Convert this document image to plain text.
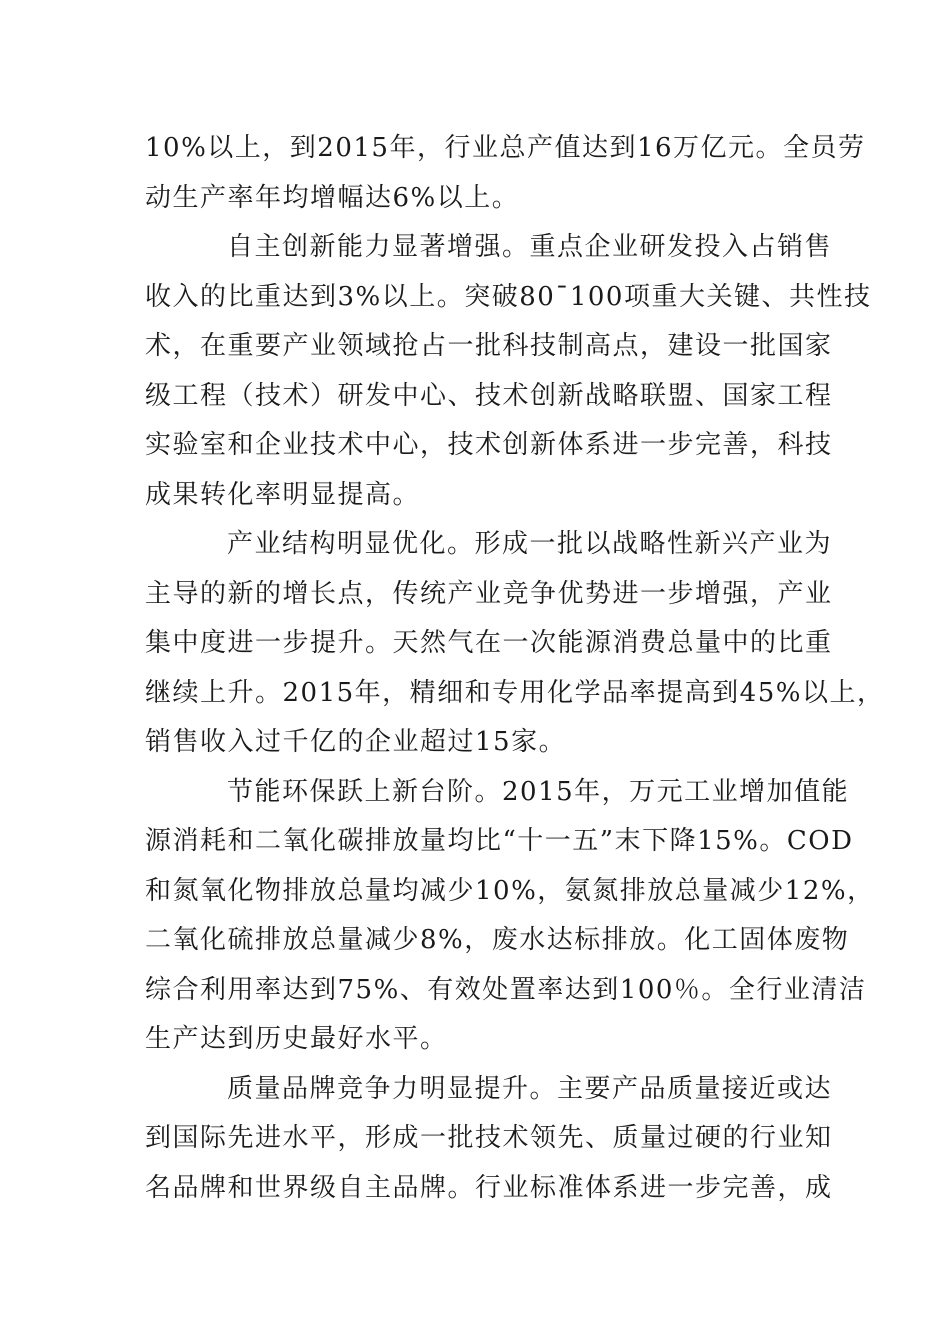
10%以上，到2015年，行业总产值达到16万亿元。全员劳
动生产率年均增幅达6%以上。
自主创新能力显著增强。重点企业研发投入占销售
收入的比重达到3%以上。突破80¯100项重大关键、共性技
术，在重要产业领域抢占一批科技制高点，建设一批国家
级工程（技术）研发中心、技术创新战略联盟、国家工程
实验室和企业技术中心，技术创新体系进一步完善，科技
成果转化率明显提高。
产业结构明显优化。形成一批以战略性新兴产业为
主导的新的增长点，传统产业竞争优势进一步增强，产业
集中度进一步提升。天然气在一次能源消费总量中的比重
继续上升。2015年，精细和专用化学品率提高到45%以上，
销售收入过千亿的企业超过15家。
节能环保跃上新台阶。2015年，万元工业增加值能
源消耗和二氧化碳排放量均比“十一五”末下降15%。COD
和氮氧化物排放总量均减少10%，氨氮排放总量减少12%，
二氧化硫排放总量减少8%，废水达标排放。化工固体废物
综合利用率达到75%、有效处置率达到100％。全行业清洁
生产达到历史最好水平。
质量品牌竞争力明显提升。主要产品质量接近或达
到国际先进水平，形成一批技术领先、质量过硬的行业知
名品牌和世界级自主品牌。行业标准体系进一步完善，成
